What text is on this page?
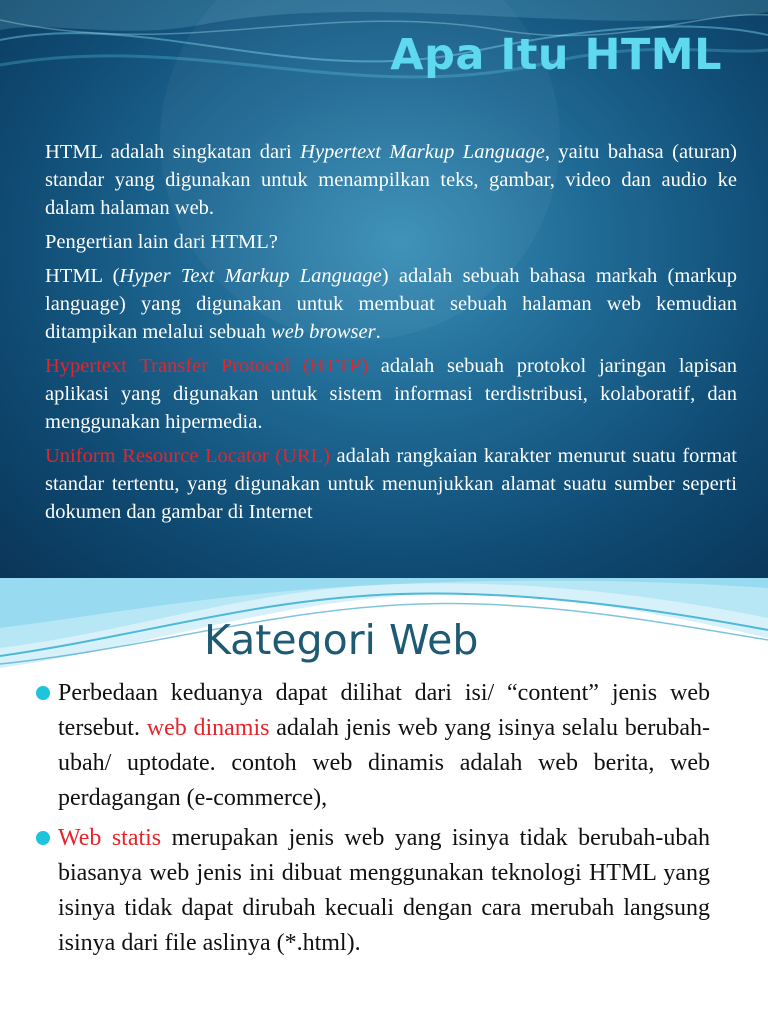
Apa Itu HTML

HTML adalah singkatan dari Hypertext Markup Language, yaitu bahasa (aturan) standar yang digunakan untuk menampilkan teks, gambar, video dan audio ke dalam halaman web.

Pengertian lain dari HTML?

HTML (Hyper Text Markup Language) adalah sebuah bahasa markah (markup language) yang digunakan untuk membuat sebuah halaman web kemudian ditampikan melalui sebuah web browser.

Hypertext Transfer Protocol (HTTP) adalah sebuah protokol jaringan lapisan aplikasi yang digunakan untuk sistem informasi terdistribusi, kolaboratif, dan menggunakan hipermedia.

Uniform Resource Locator (URL) adalah rangkaian karakter menurut suatu format standar tertentu, yang digunakan untuk menunjukkan alamat suatu sumber seperti dokumen dan gambar di Internet

Kategori Web
Perbedaan keduanya dapat dilihat dari isi/ “content” jenis web tersebut. web dinamis adalah jenis web yang isinya selalu berubah-ubah/ uptodate. contoh web dinamis adalah web berita, web perdagangan (e-commerce),
Web statis merupakan jenis web yang isinya tidak berubah-ubah biasanya web jenis ini dibuat menggunakan teknologi HTML yang isinya tidak dapat dirubah kecuali dengan cara merubah langsung isinya dari file aslinya (*.html).
